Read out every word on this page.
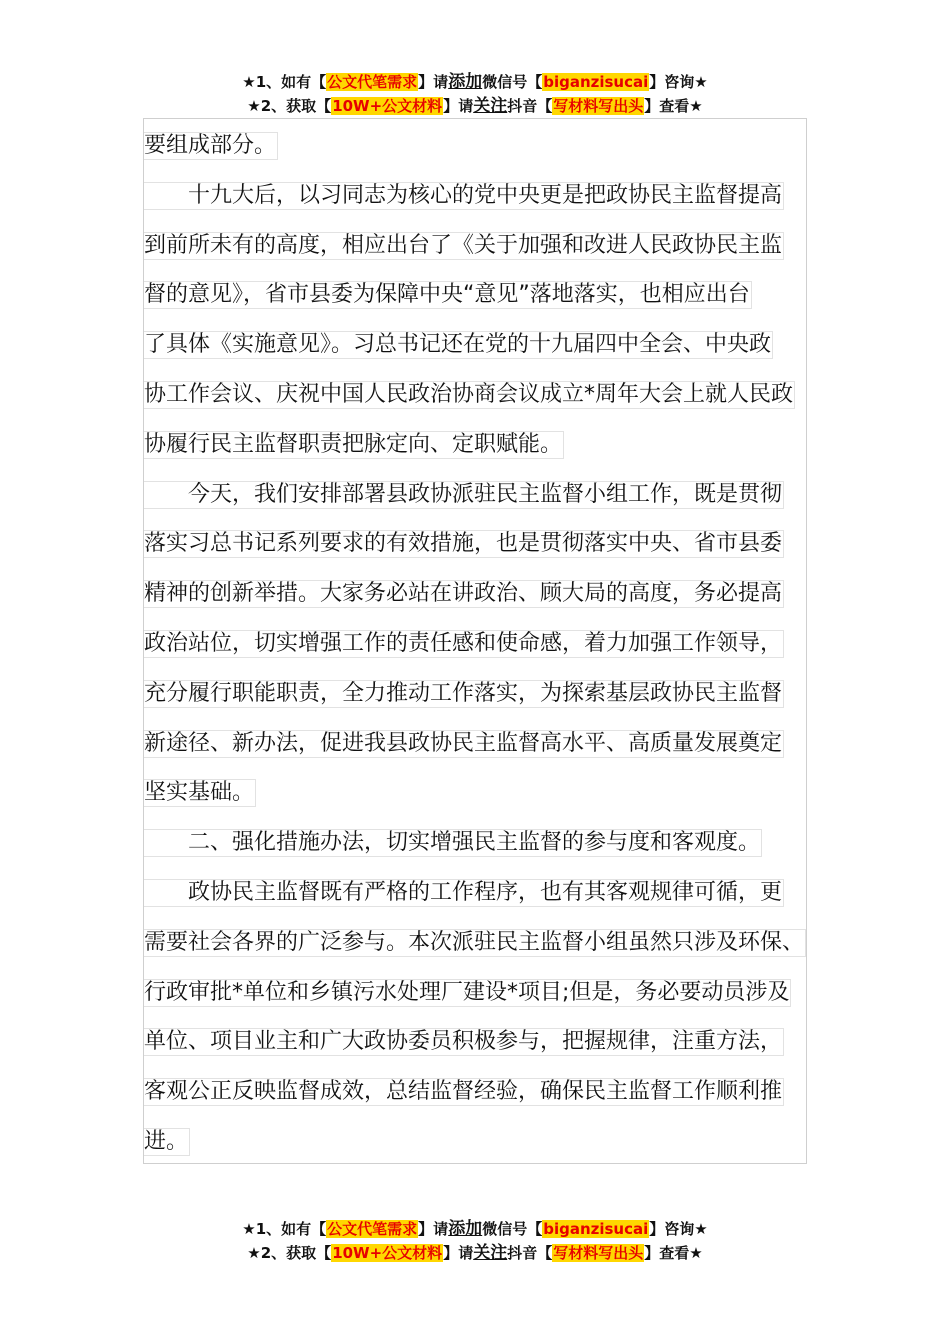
★1、如有【公文代笔需求】请添加微信号【biganzisucai】咨询★
★2、获取【10W+公文材料】请关注抖音【写材料写出头】查看★
要组成部分。
十九大后，以习同志为核心的党中央更是把政协民主监督提高
到前所未有的高度，相应出台了《关于加强和改进人民政协民主监
督的意见》，省市县委为保障中央“意见”落地落实，也相应出台
了具体《实施意见》。习总书记还在党的十九届四中全会、中央政
协工作会议、庆祝中国人民政治协商会议成立*周年大会上就人民政
协履行民主监督职责把脉定向、定职赋能。
今天，我们安排部署县政协派驻民主监督小组工作，既是贯彻
落实习总书记系列要求的有效措施，也是贯彻落实中央、省市县委
精神的创新举措。大家务必站在讲政治、顾大局的高度，务必提高
政治站位，切实增强工作的责任感和使命感，着力加强工作领导，
充分履行职能职责，全力推动工作落实，为探索基层政协民主监督
新途径、新办法，促进我县政协民主监督高水平、高质量发展奠定
坚实基础。
二、强化措施办法，切实增强民主监督的参与度和客观度。
政协民主监督既有严格的工作程序，也有其客观规律可循，更
需要社会各界的广泛参与。本次派驻民主监督小组虽然只涉及环保、
行政审批*单位和乡镇污水处理厂建设*项目;但是，务必要动员涉及
单位、项目业主和广大政协委员积极参与，把握规律，注重方法，
客观公正反映监督成效，总结监督经验，确保民主监督工作顺利推
进。
★1、如有【公文代笔需求】请添加微信号【biganzisucai】咨询★
★2、获取【10W+公文材料】请关注抖音【写材料写出头】查看★
